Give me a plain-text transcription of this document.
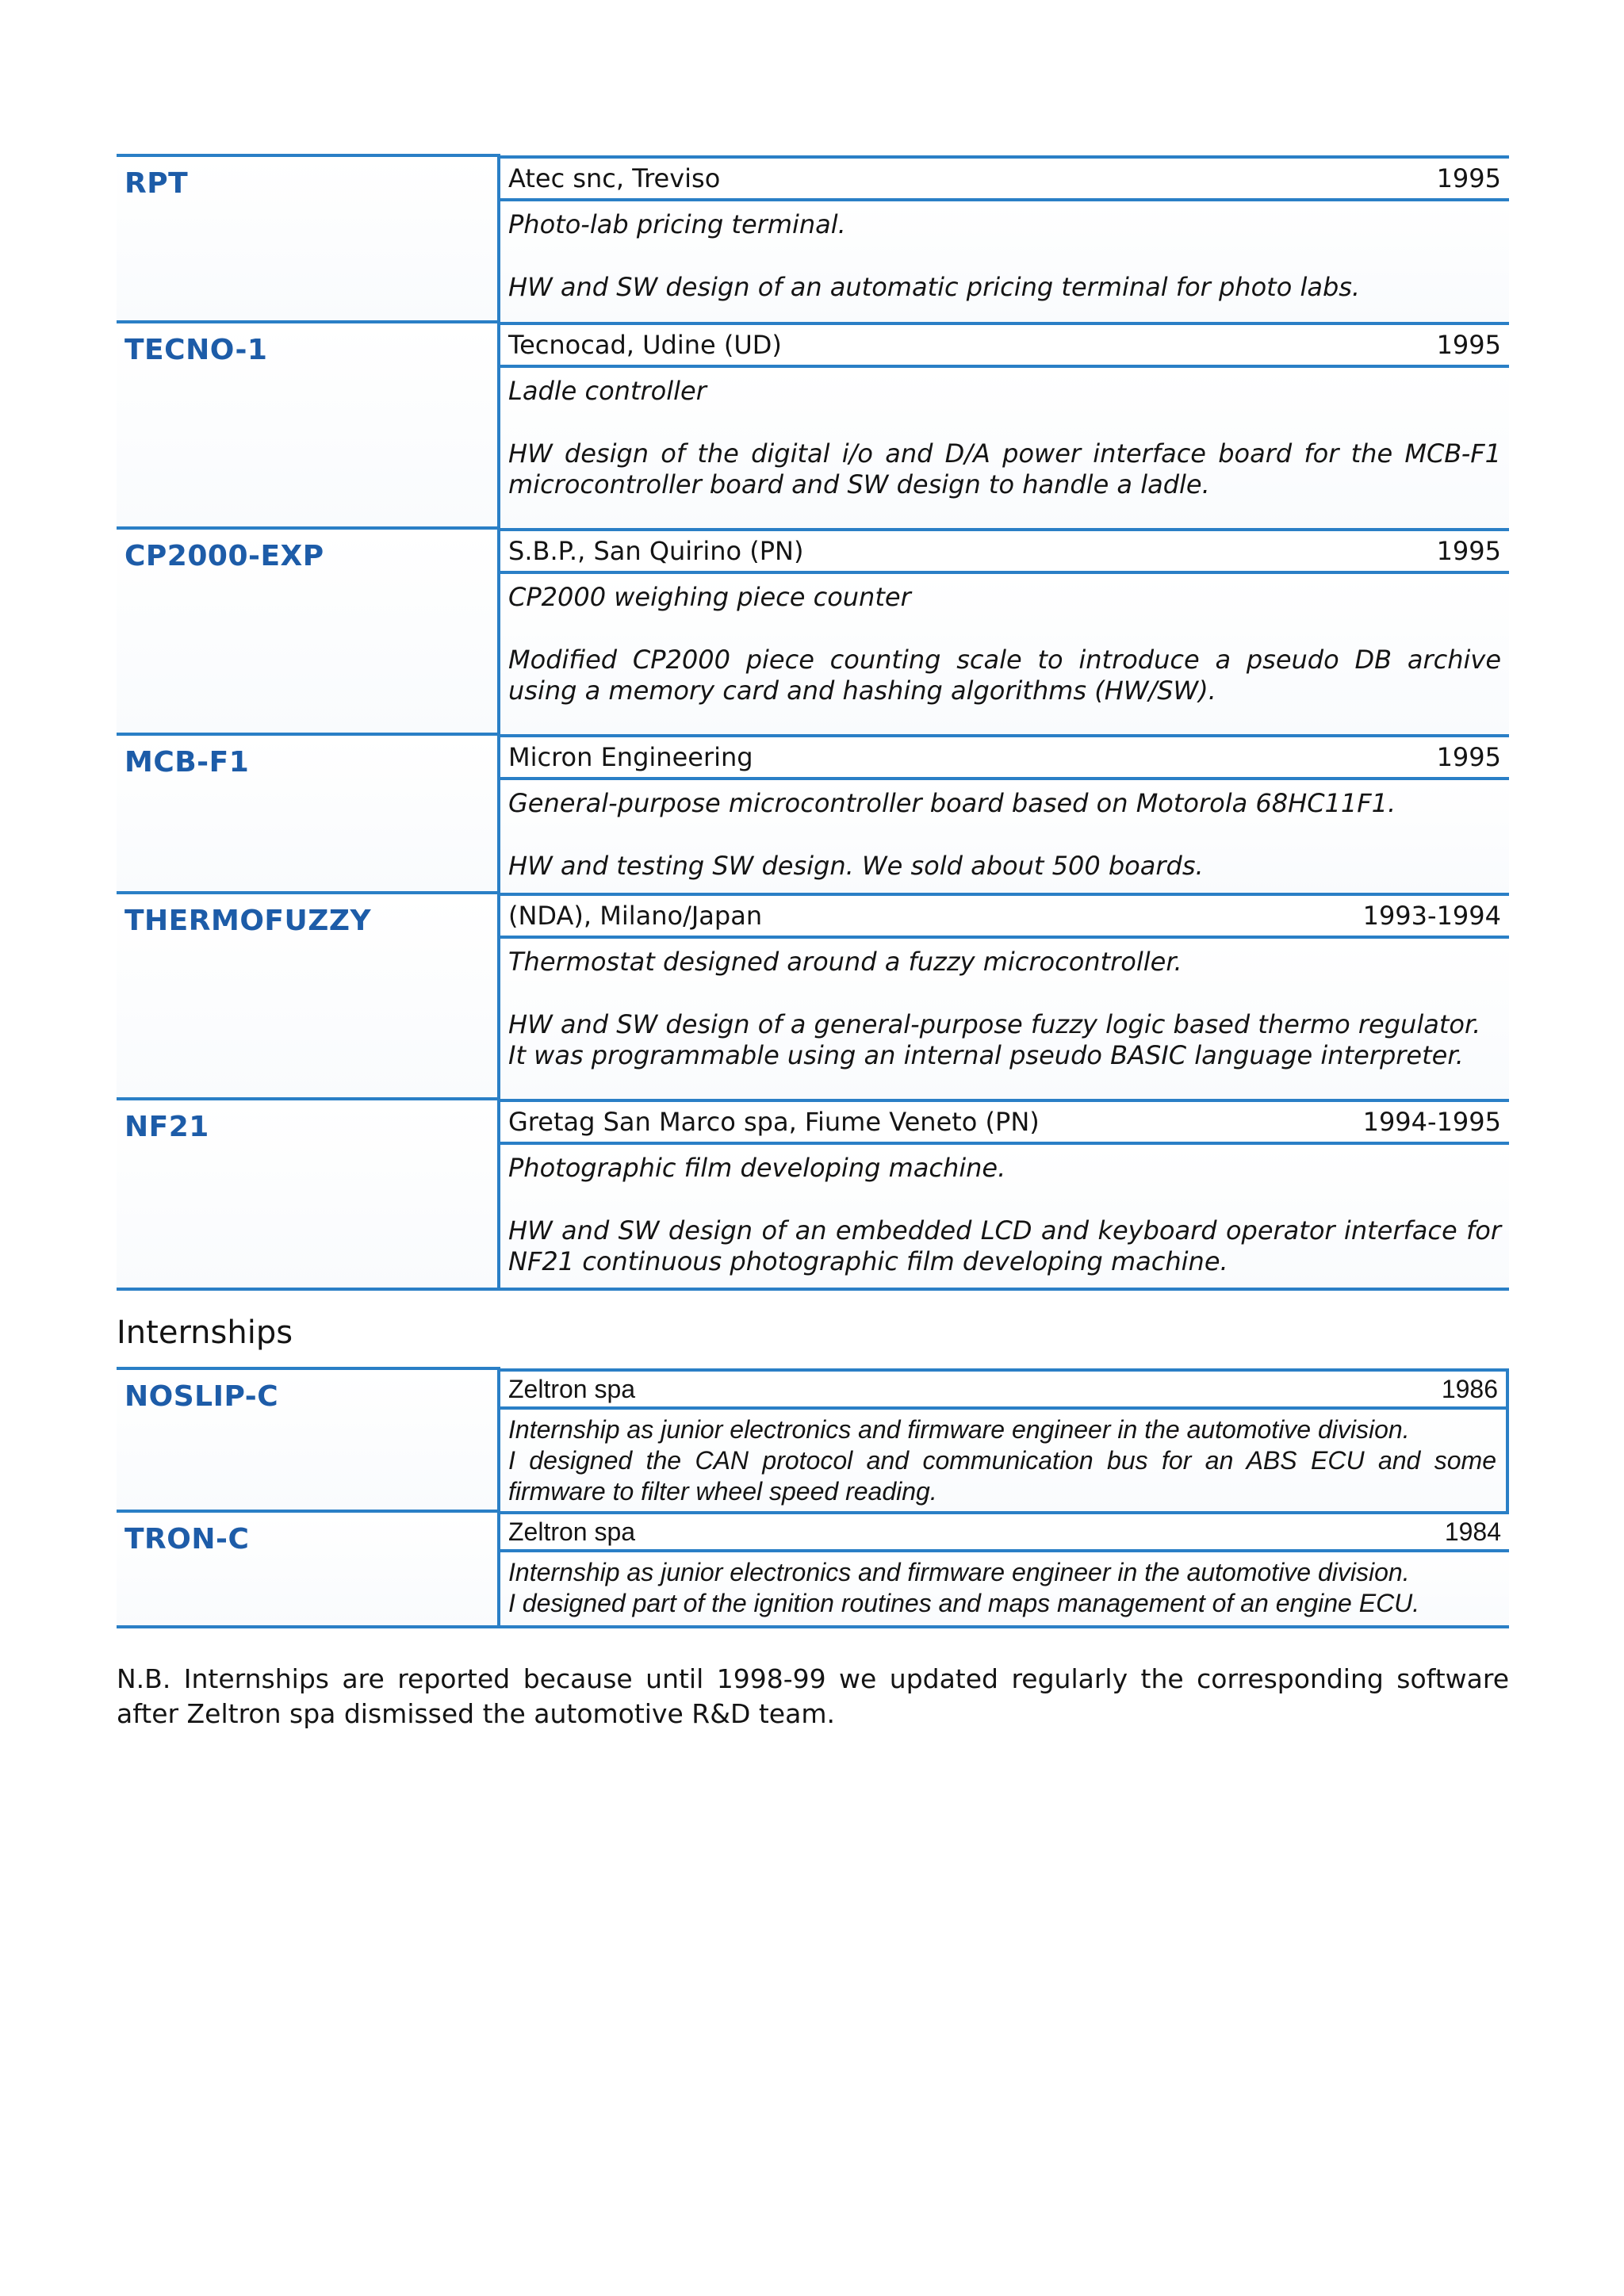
RPT	Atec snc, Treviso 1995
Photo-lab pricing terminal.
HW and SW design of an automatic pricing terminal for photo labs.

TECNO-1	Tecnocad, Udine (UD) 1995
Ladle controller
HW design of the digital i/o and D/A power interface board for the MCB-F1 microcontroller board and SW design to handle a ladle.

CP2000-EXP	S.B.P., San Quirino (PN) 1995
CP2000 weighing piece counter
Modified CP2000 piece counting scale to introduce a pseudo DB archive using a memory card and hashing algorithms (HW/SW).

MCB-F1	Micron Engineering 1995
General-purpose microcontroller board based on Motorola 68HC11F1.
HW and testing SW design. We sold about 500 boards.

THERMOFUZZY	(NDA), Milano/Japan 1993-1994
Thermostat designed around a fuzzy microcontroller.
HW and SW design of a general-purpose fuzzy logic based thermo regulator.
It was programmable using an internal pseudo BASIC language interpreter.

NF21	Gretag San Marco spa, Fiume Veneto (PN) 1994-1995
Photographic film developing machine.
HW and SW design of an embedded LCD and keyboard operator interface for NF21 continuous photographic film developing machine.

Internships
NOSLIP-C	Zeltron spa 1986
Internship as junior electronics and firmware engineer in the automotive division.
I designed the CAN protocol and communication bus for an ABS ECU and some firmware to filter wheel speed reading.

TRON-C	Zeltron spa 1984
Internship as junior electronics and firmware engineer in the automotive division.
I designed part of the ignition routines and maps management of an engine ECU.

N.B. Internships are reported because until 1998-99 we updated regularly the corresponding software after Zeltron spa dismissed the automotive R&D team.
